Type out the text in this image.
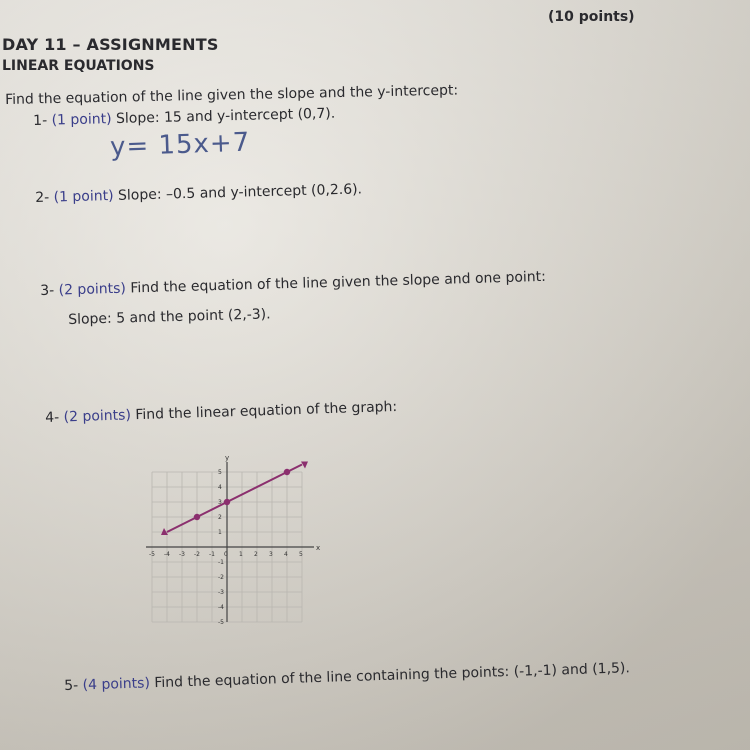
(10 points)
DAY 11 – ASSIGNMENTS
LINEAR EQUATIONS
Find the equation of the line given the slope and the y-intercept:
1- (1 point) Slope: 15 and y-intercept (0,7).
y= 15x+7
2- (1 point) Slope: –0.5 and y-intercept (0,2.6).
3- (2 points) Find the equation of the line given the slope and one point:
Slope: 5 and the point (2,-3).
4- (2 points) Find the linear equation of the graph:
x
y
-5 -4 -3 -2 -1 0 1 2 3 4 5
5
4
3
2
1
-1
-2
-3
-4
-5
5- (4 points) Find the equation of the line containing the points: (-1,-1) and (1,5).
